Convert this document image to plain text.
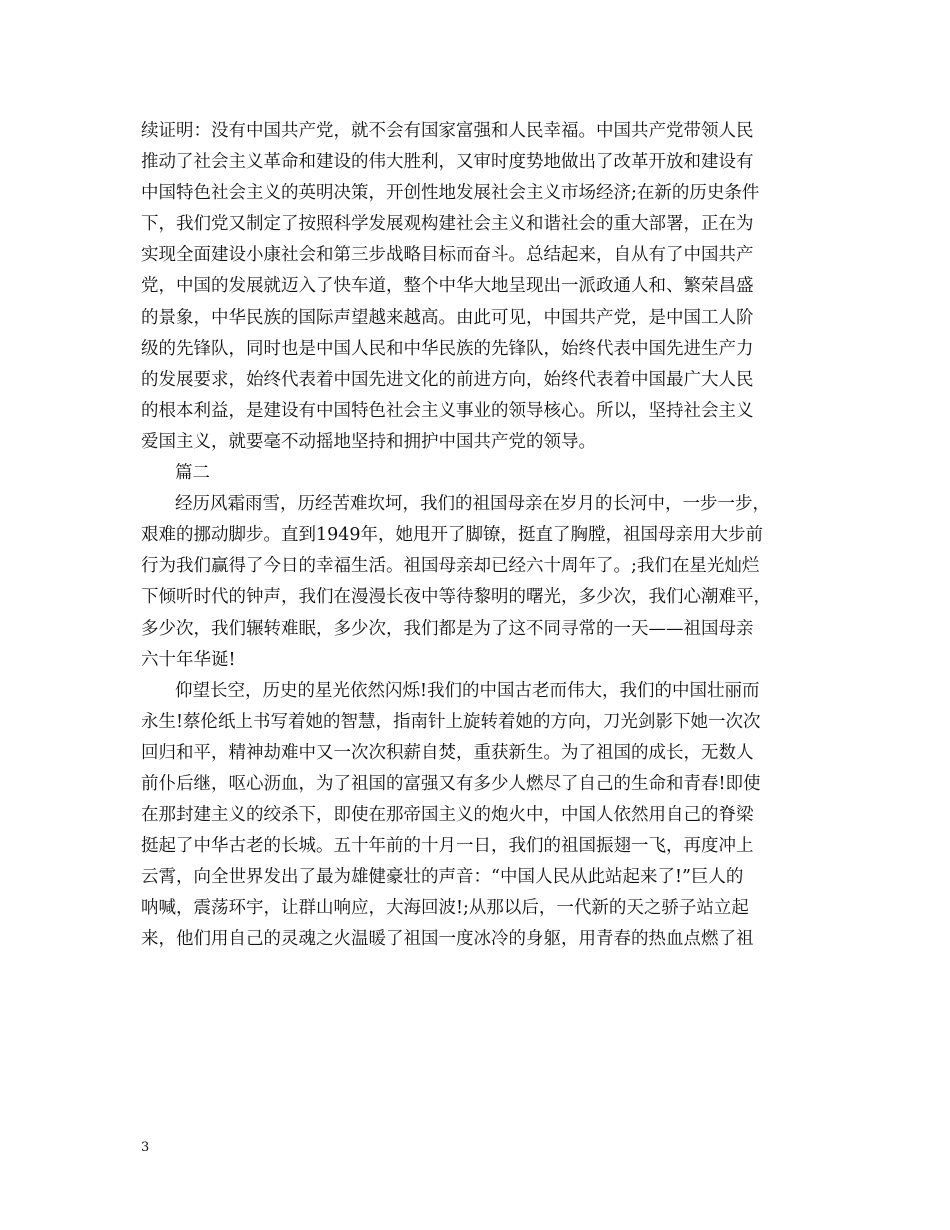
续证明：没有中国共产党，就不会有国家富强和人民幸福。中国共产党带领人民
推动了社会主义革命和建设的伟大胜利，又审时度势地做出了改革开放和建设有
中国特色社会主义的英明决策，开创性地发展社会主义市场经济;在新的历史条件
下，我们党又制定了按照科学发展观构建社会主义和谐社会的重大部署，正在为
实现全面建设小康社会和第三步战略目标而奋斗。总结起来，自从有了中国共产
党，中国的发展就迈入了快车道，整个中华大地呈现出一派政通人和、繁荣昌盛
的景象，中华民族的国际声望越来越高。由此可见，中国共产党，是中国工人阶
级的先锋队，同时也是中国人民和中华民族的先锋队，始终代表中国先进生产力
的发展要求，始终代表着中国先进文化的前进方向，始终代表着中国最广大人民
的根本利益，是建设有中国特色社会主义事业的领导核心。所以，坚持社会主义
爱国主义，就要毫不动摇地坚持和拥护中国共产党的领导。
篇二
经历风霜雨雪，历经苦难坎坷，我们的祖国母亲在岁月的长河中，一步一步，
艰难的挪动脚步。直到1949年，她甩开了脚镣，挺直了胸膛，祖国母亲用大步前
行为我们赢得了今日的幸福生活。祖国母亲却已经六十周年了。;我们在星光灿烂
下倾听时代的钟声，我们在漫漫长夜中等待黎明的曙光，多少次，我们心潮难平，
多少次，我们辗转难眠，多少次，我们都是为了这不同寻常的一天——祖国母亲
六十年华诞!
仰望长空，历史的星光依然闪烁!我们的中国古老而伟大，我们的中国壮丽而
永生!蔡伦纸上书写着她的智慧，指南针上旋转着她的方向，刀光剑影下她一次次
回归和平，精神劫难中又一次次积薪自焚，重获新生。为了祖国的成长，无数人
前仆后继，呕心沥血，为了祖国的富强又有多少人燃尽了自己的生命和青春!即使
在那封建主义的绞杀下，即使在那帝国主义的炮火中，中国人依然用自己的脊梁
挺起了中华古老的长城。五十年前的十月一日，我们的祖国振翅一飞，再度冲上
云霄，向全世界发出了最为雄健豪壮的声音：“中国人民从此站起来了!”巨人的
呐喊，震荡环宇，让群山响应，大海回波!;从那以后，一代新的天之骄子站立起
来，他们用自己的灵魂之火温暖了祖国一度冰冷的身躯，用青春的热血点燃了祖
3
